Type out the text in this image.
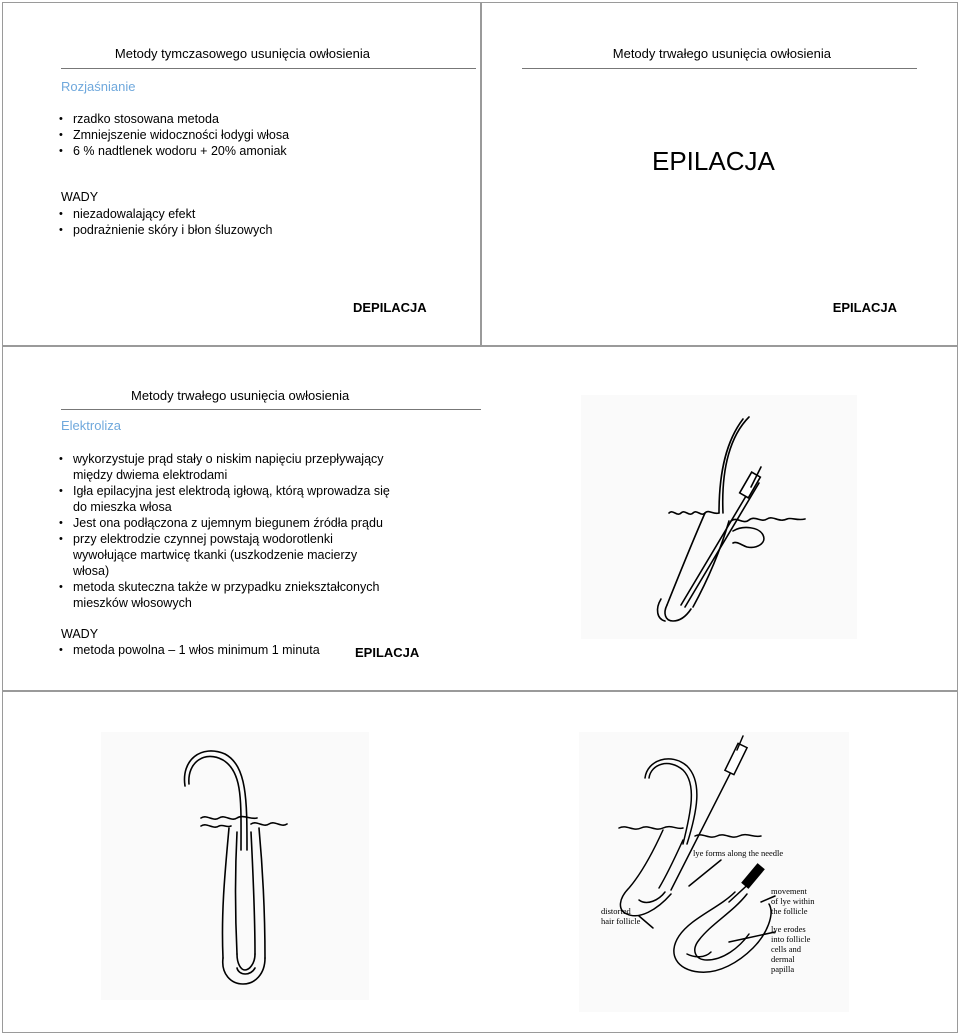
Metody tymczasowego usunięcia owłosienia
Rozjaśnianie
• rzadko stosowana metoda
• Zmniejszenie widoczności łodygi włosa
• 6 % nadtlenek wodoru + 20% amoniak
WADY
• niezadowalający efekt
• podrażnienie skóry i błon śluzowych
DEPILACJA
Metody trwałego usunięcia owłosienia
EPILACJA
EPILACJA
Metody trwałego usunięcia owłosienia
Elektroliza
• wykorzystuje prąd stały o niskim napięciu przepływający
między dwiema elektrodami
• Igła epilacyjna jest elektrodą igłową, którą wprowadza się
do mieszka włosa
• Jest ona podłączona z ujemnym biegunem źródła prądu
• przy elektrodzie czynnej powstają wodorotlenki
wywołujące martwicę tkanki (uszkodzenie macierzy
włosa)
• metoda skuteczna także w przypadku zniekształconych
mieszków włosowych
WADY
• metoda powolna – 1 włos minimum 1 minuta	EPILACJA
lye forms along the needle
movement
of lye within
the follicle
distorted
hair follicle
lye erodes
into follicle
cells and
dermal
papilla
